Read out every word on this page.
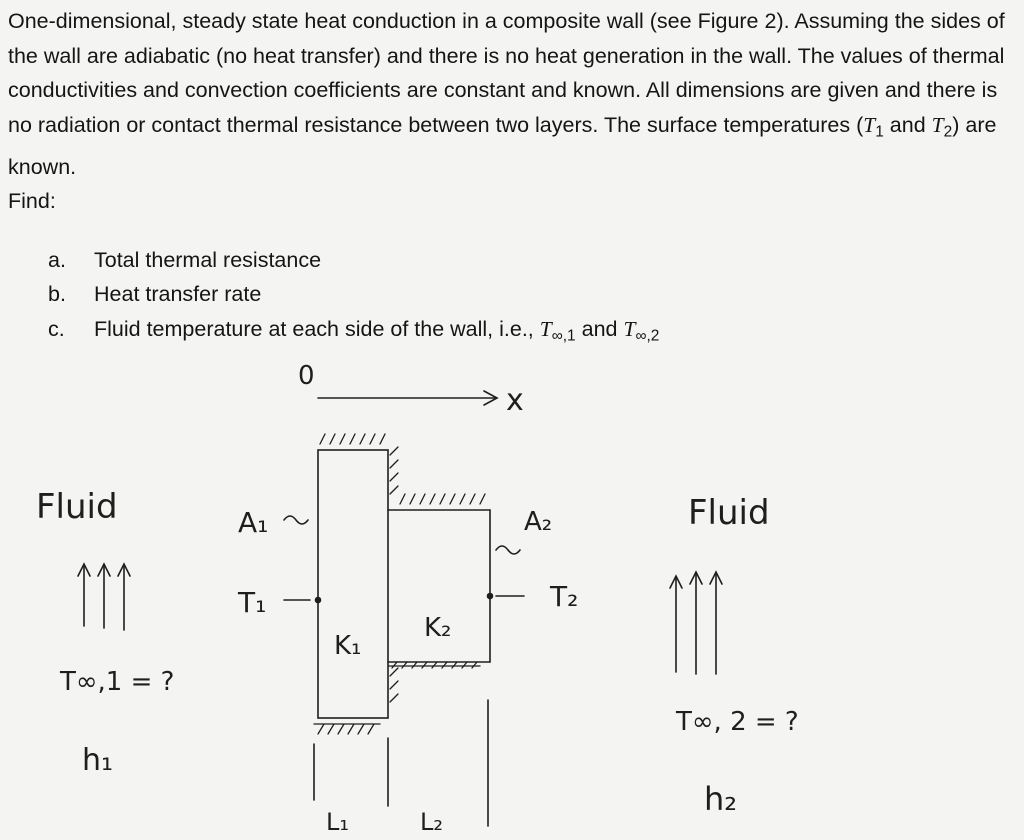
One-dimensional, steady state heat conduction in a composite wall (see Figure 2). Assuming the sides of the wall are adiabatic (no heat transfer) and there is no heat generation in the wall. The values of thermal conductivities and convection coefficients are constant and known. All dimensions are given and there is no radiation or contact thermal resistance between two layers. The surface temperatures ($T_1$ and $T_2$) are known.

Find:

a. Total thermal resistance
b. Heat transfer rate
c. Fluid temperature at each side of the wall, i.e., $T_{\infty,1}$ and $T_{\infty,2}$
0
x
Fluid	Fluid
A₁	A₂
T₁	T₂
K₁
K₂
T∞,1 = ?
T∞, 2 = ?
h₁
h₂
L₁	L₂
